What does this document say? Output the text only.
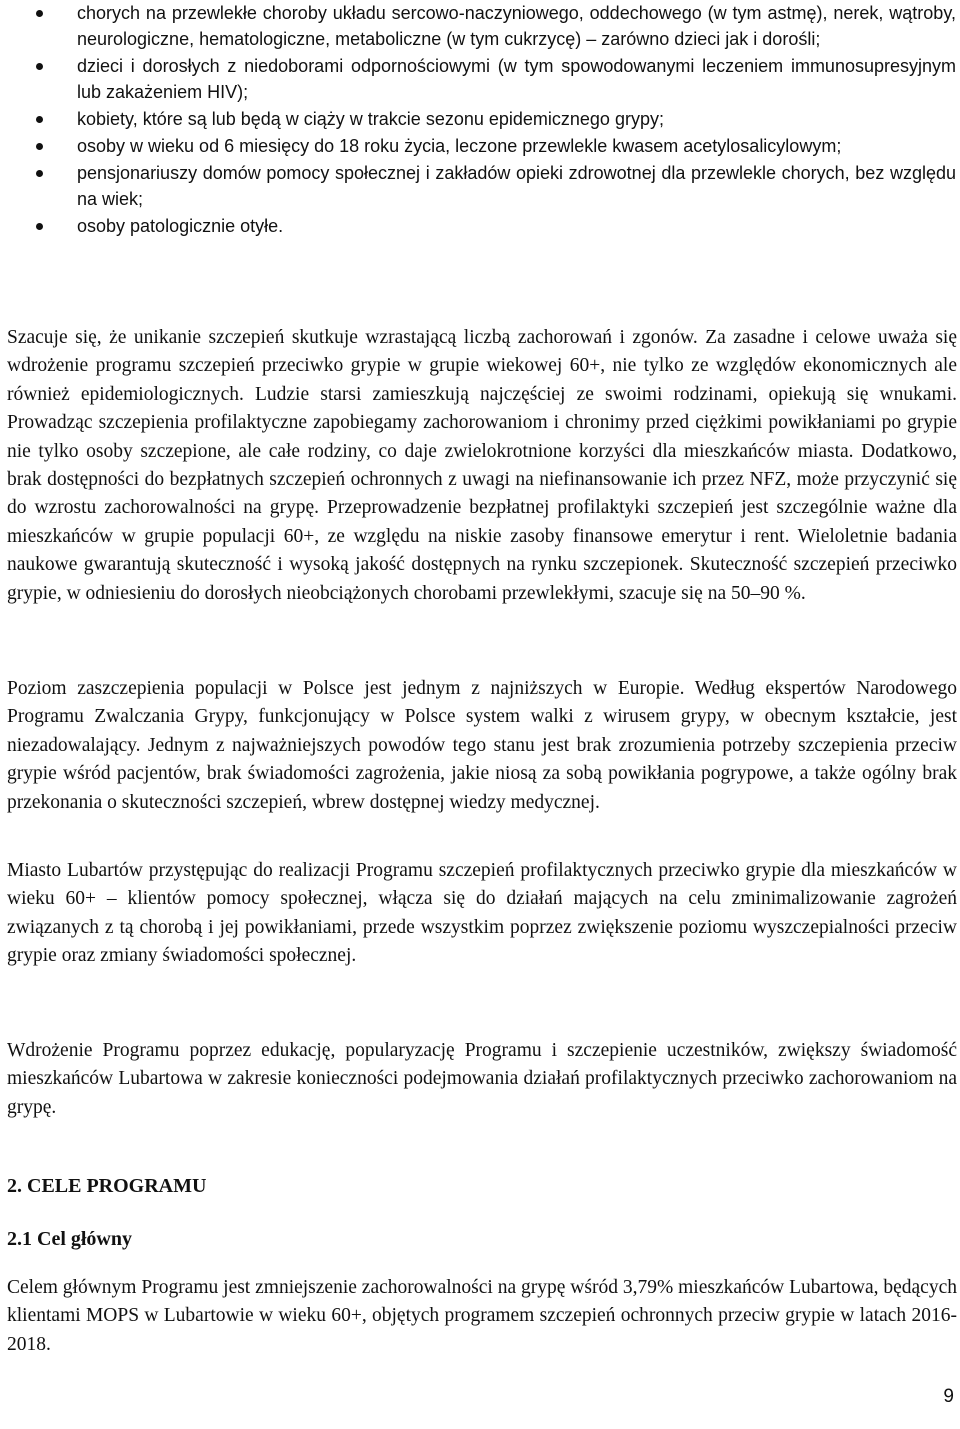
chorych na przewlekłe choroby układu sercowo-naczyniowego, oddechowego (w tym astmę), nerek, wątroby, neurologiczne, hematologiczne, metaboliczne (w tym cukrzycę) – zarówno dzieci jak i dorośli;
dzieci i dorosłych z niedoborami odpornościowymi (w tym spowodowanymi leczeniem immunosupresyjnym lub zakażeniem HIV);
kobiety, które są lub będą w ciąży w trakcie sezonu epidemicznego grypy;
osoby w wieku od 6 miesięcy do 18 roku życia, leczone przewlekle kwasem acetylosalicylowym;
pensjonariuszy domów pomocy społecznej i zakładów opieki zdrowotnej dla przewlekle chorych, bez względu na wiek;
osoby patologicznie otyłe.

Szacuje się, że unikanie szczepień skutkuje wzrastającą liczbą zachorowań i zgonów. Za zasadne i celowe uważa się wdrożenie programu szczepień przeciwko grypie w grupie wiekowej 60+, nie tylko ze względów ekonomicznych ale również epidemiologicznych. Ludzie starsi zamieszkują najczęściej ze swoimi rodzinami, opiekują się wnukami. Prowadząc szczepienia profilaktyczne zapobiegamy zachorowaniom i chronimy przed ciężkimi powikłaniami po grypie nie tylko osoby szczepione, ale całe rodziny, co daje zwielokrotnione korzyści dla mieszkańców miasta. Dodatkowo, brak dostępności do bezpłatnych szczepień ochronnych z uwagi na niefinansowanie ich przez NFZ, może przyczynić się do wzrostu zachorowalności na grypę. Przeprowadzenie bezpłatnej profilaktyki szczepień jest szczególnie ważne dla mieszkańców w grupie populacji 60+, ze względu na niskie zasoby finansowe emerytur i rent. Wieloletnie badania naukowe gwarantują skuteczność i wysoką jakość dostępnych na rynku szczepionek. Skuteczność szczepień przeciwko grypie, w odniesieniu do dorosłych nieobciążonych chorobami przewlekłymi, szacuje się na 50–90 %.

Poziom zaszczepienia populacji w Polsce jest jednym z najniższych w Europie. Według ekspertów Narodowego Programu Zwalczania Grypy, funkcjonujący w Polsce system walki z wirusem grypy, w obecnym kształcie, jest niezadowalający. Jednym z najważniejszych powodów tego stanu jest brak zrozumienia potrzeby szczepienia przeciw grypie wśród pacjentów, brak świadomości zagrożenia, jakie niosą za sobą powikłania pogrypowe, a także ogólny brak przekonania o skuteczności szczepień, wbrew dostępnej wiedzy medycznej.

Miasto Lubartów przystępując do realizacji Programu szczepień profilaktycznych przeciwko grypie dla mieszkańców w wieku 60+ – klientów pomocy społecznej, włącza się do działań mających na celu zminimalizowanie zagrożeń związanych z tą chorobą i jej powikłaniami, przede wszystkim poprzez zwiększenie poziomu wyszczepialności przeciw grypie oraz zmiany świadomości społecznej.

Wdrożenie Programu poprzez edukację, popularyzację Programu i szczepienie uczestników, zwiększy świadomość mieszkańców Lubartowa w zakresie konieczności podejmowania działań profilaktycznych przeciwko zachorowaniom na grypę.

2. CELE PROGRAMU
2.1 Cel główny

Celem głównym Programu jest zmniejszenie zachorowalności na grypę wśród 3,79% mieszkańców Lubartowa, będących klientami MOPS w Lubartowie w wieku 60+, objętych programem szczepień ochronnych przeciw grypie w latach 2016-2018.

9
